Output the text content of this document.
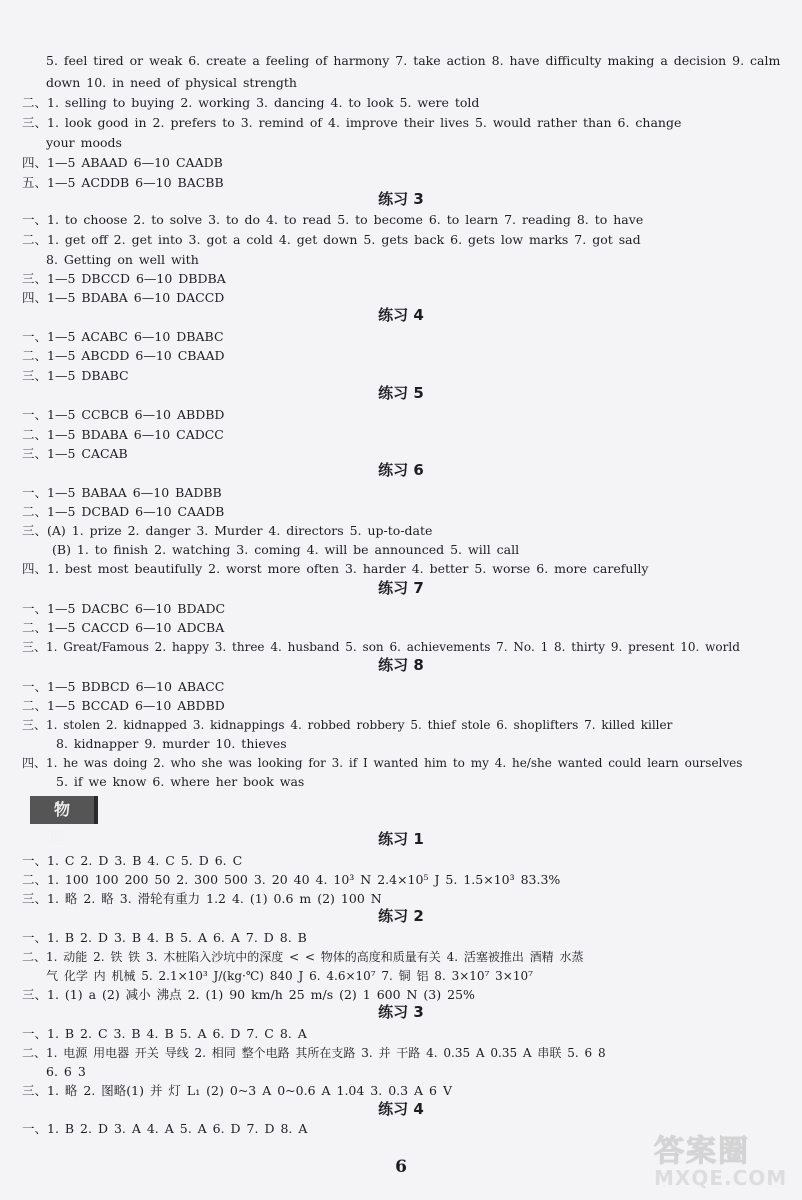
5. feel tired or weak 6. create a feeling of harmony 7. take action 8. have difficulty making a decision 9. calm
down 10. in need of physical strength
二、1. selling to buying 2. working 3. dancing 4. to look 5. were told
三、1. look good in 2. prefers to 3. remind of 4. improve their lives 5. would rather than 6. change
your moods
四、1—5 ABAAD 6—10 CAADB
五、1—5 ACDDB 6—10 BACBB
练习 3
一、1. to choose 2. to solve 3. to do 4. to read 5. to become 6. to learn 7. reading 8. to have
二、1. get off 2. get into 3. got a cold 4. get down 5. gets back 6. gets low marks 7. got sad
8. Getting on well with
三、1—5 DBCCD 6—10 DBDBA
四、1—5 BDABA 6—10 DACCD
练习 4
一、1—5 ACABC 6—10 DBABC
二、1—5 ABCDD 6—10 CBAAD
三、1—5 DBABC
练习 5
一、1—5 CCBCB 6—10 ABDBD
二、1—5 BDABA 6—10 CADCC
三、1—5 CACAB
练习 6
一、1—5 BABAA 6—10 BADBB
二、1—5 DCBAD 6—10 CAADB
三、(A) 1. prize 2. danger 3. Murder 4. directors 5. up-to-date
(B) 1. to finish 2. watching 3. coming 4. will be announced 5. will call
四、1. best most beautifully 2. worst more often 3. harder 4. better 5. worse 6. more carefully
练习 7
一、1—5 DACBC 6—10 BDADC
二、1—5 CACCD 6—10 ADCBA
三、1. Great/Famous 2. happy 3. three 4. husband 5. son 6. achievements 7. No. 1 8. thirty 9. present 10. world
练习 8
一、1—5 BDBCD 6—10 ABACC
二、1—5 BCCAD 6—10 ABDBD
三、1. stolen 2. kidnapped 3. kidnappings 4. robbed robbery 5. thief stole 6. shoplifters 7. killed killer
8. kidnapper 9. murder 10. thieves
四、1. he was doing 2. who she was looking for 3. if I wanted him to my 4. he/she wanted could learn ourselves
5. if we know 6. where her book was
物 理	练习 1
一、1. C 2. D 3. B 4. C 5. D 6. C
二、1. 100 100 200 50 2. 300 500 3. 20 40 4. 10³ N 2.4×10⁵ J 5. 1.5×10³ 83.3%
三、1. 略 2. 略 3. 滑轮有重力 1.2 4. (1) 0.6 m (2) 100 N
练习 2
一、1. B 2. D 3. B 4. B 5. A 6. A 7. D 8. B
二、1. 动能 2. 铁 铁 3. 木桩陷入沙坑中的深度 < < 物体的高度和质量有关 4. 活塞被推出 酒精 水蒸
气 化学 内 机械 5. 2.1×10³ J/(kg·℃) 840 J 6. 4.6×10⁷ 7. 铜 铝 8. 3×10⁷ 3×10⁷
三、1. (1) a (2) 减小 沸点 2. (1) 90 km/h 25 m/s (2) 1 600 N (3) 25%
练习 3
一、1. B 2. C 3. B 4. B 5. A 6. D 7. C 8. A
二、1. 电源 用电器 开关 导线 2. 相同 整个电路 其所在支路 3. 并 干路 4. 0.35 A 0.35 A 串联 5. 6 8
6. 6 3
三、1. 略 2. 图略(1) 并 灯 L₁ (2) 0~3 A 0~0.6 A 1.04 3. 0.3 A 6 V
练习 4
一、1. B 2. D 3. A 4. A 5. A 6. D 7. D 8. A
6	答案圈
MXQE.COM
